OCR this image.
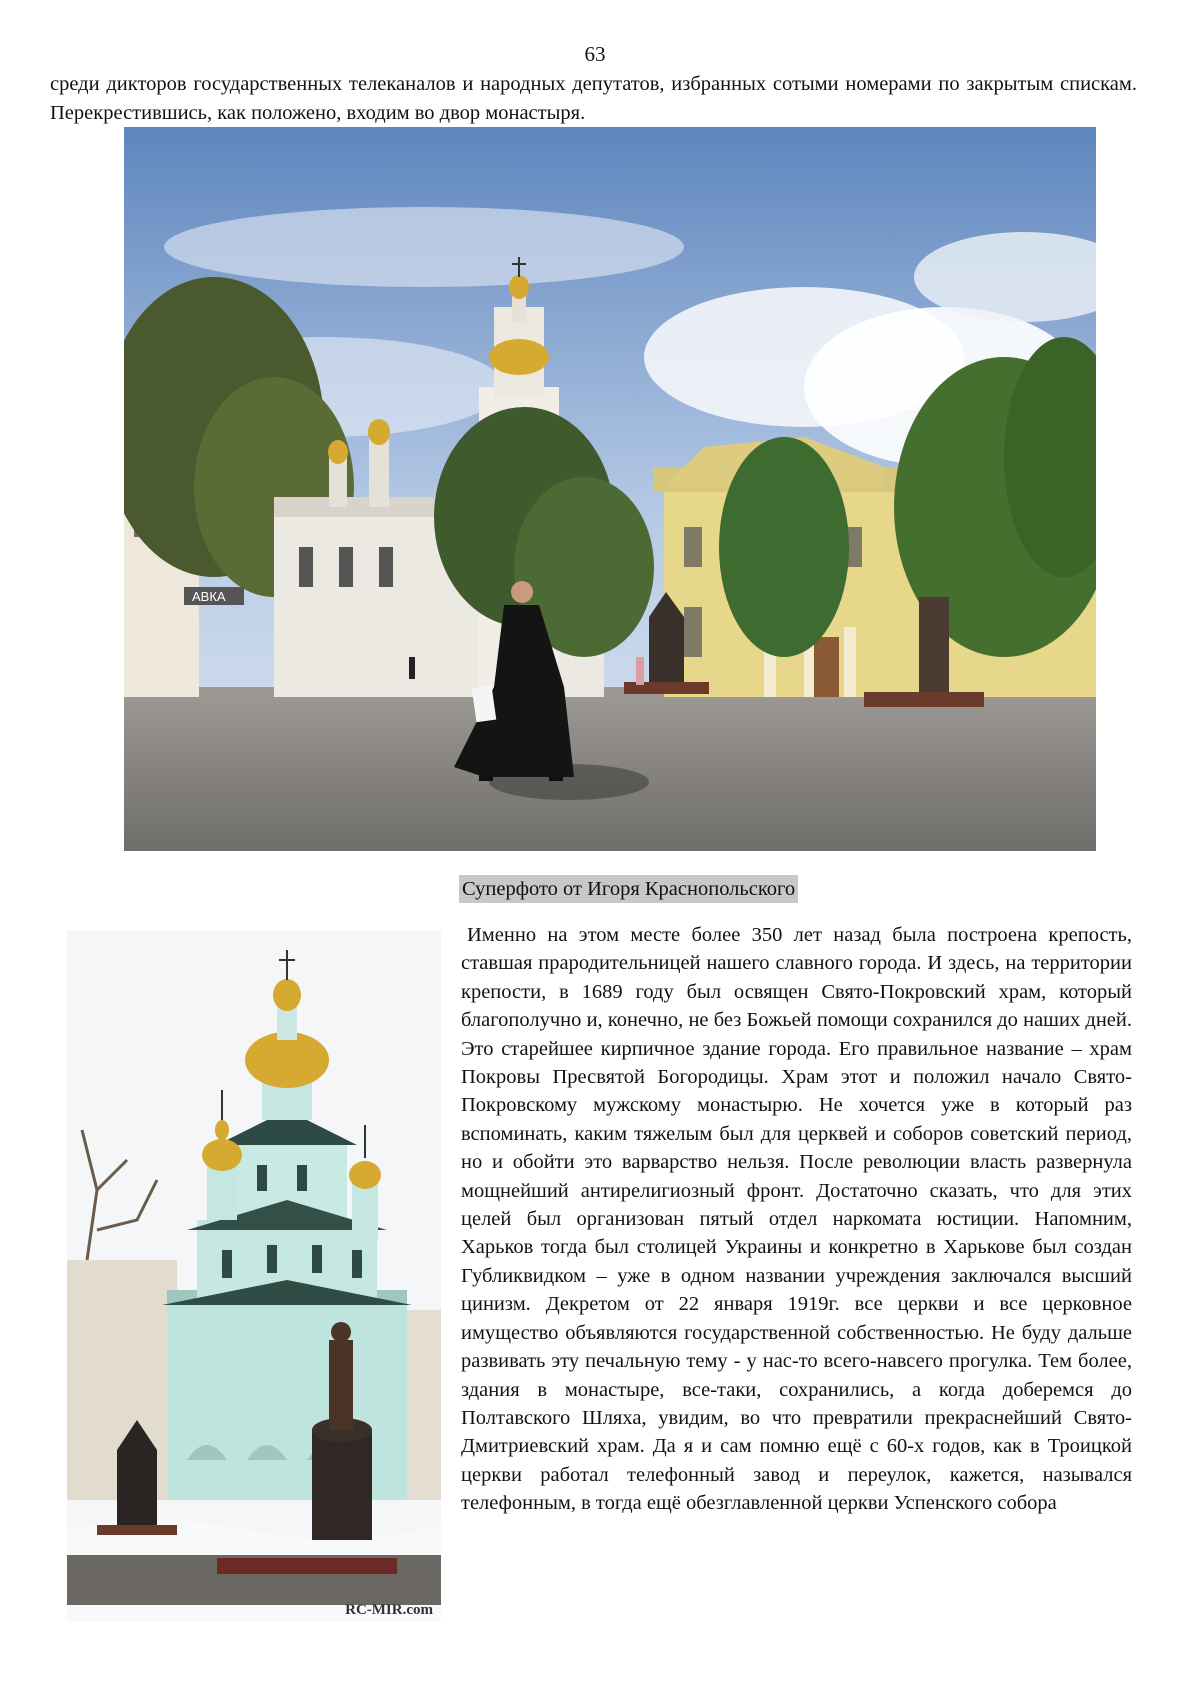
63

среди дикторов государственных телеканалов и народных депутатов, избранных сотыми номерами по закрытым спискам. Перекрестившись, как положено, входим во двор монастыря.

АВКА
RC-MIR.com
Суперфото от Игоря Краснопольского

Именно на этом месте более 350 лет назад была построена крепость, ставшая прародительницей нашего славного города. И здесь, на территории крепости, в 1689 году был освящен Свято-Покровский храм, который благополучно и, конечно, не без Божьей помощи сохранился до наших дней. Это старейшее кирпичное здание города. Его правильное название – храм Покровы Пресвятой Богородицы. Храм этот и положил начало Свято-Покровскому мужскому монастырю. Не хочется уже в который раз вспоминать, каким тяжелым был для церквей и соборов советский период, но и обойти это варварство нельзя. После революции власть развернула мощнейший антирелигиозный фронт. Достаточно сказать, что для этих целей был организован пятый отдел наркомата юстиции. Напомним, Харьков тогда был столицей Украины и конкретно в Харькове был создан Губликвидком – уже в одном названии учреждения заключался высший цинизм. Декретом от 22 января 1919г. все церкви и все церковное имущество объявляются государственной собственностью. Не буду дальше развивать эту печальную тему - у нас-то всего-навсего прогулка. Тем более, здания в монастыре, все-таки, сохранились, а когда доберемся до Полтавского Шляха, увидим, во что превратили прекраснейший Свято-Дмитриевский храм. Да я и сам помню ещё с 60-х годов, как в Троицкой церкви работал телефонный завод и переулок, кажется, назывался телефонным, в тогда ещё обезглавленной церкви Успенского собора
